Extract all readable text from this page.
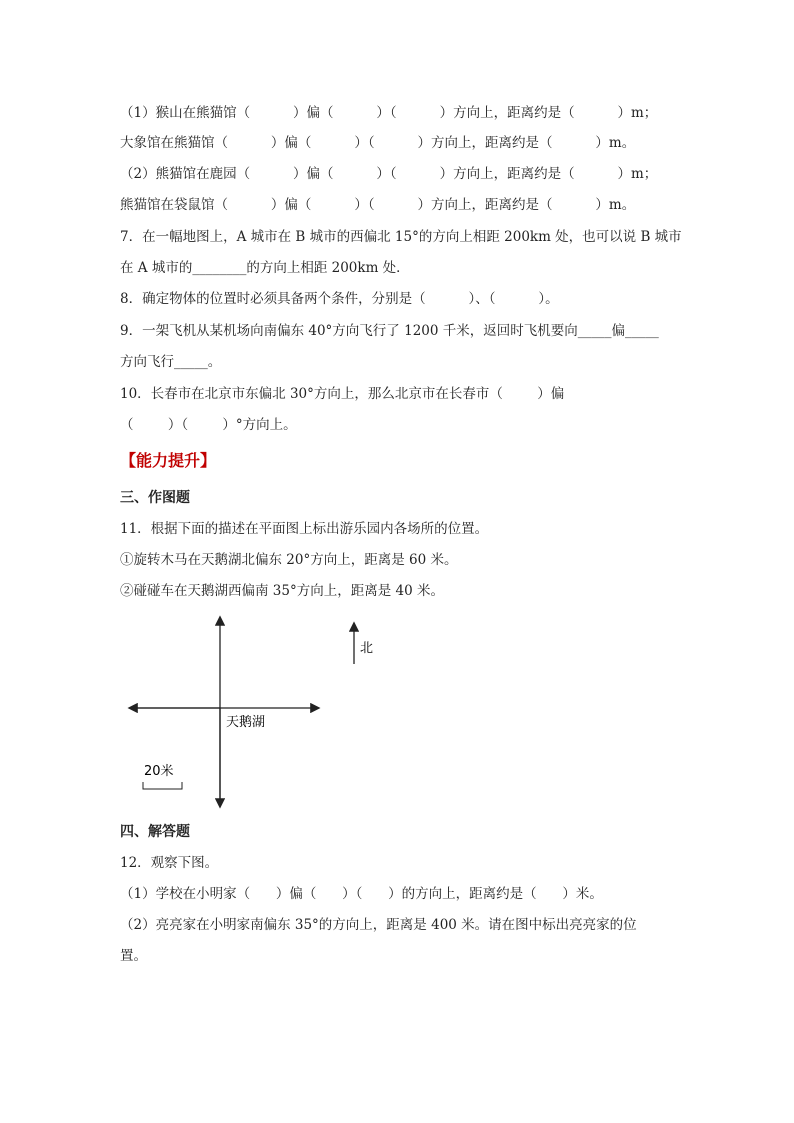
（1）猴山在熊猫馆（          ）偏（          ）（          ）方向上，距离约是（          ）m；
大象馆在熊猫馆（          ）偏（          ）（          ）方向上，距离约是（          ）m。
（2）熊猫馆在鹿园（          ）偏（          ）（          ）方向上，距离约是（          ）m；
熊猫馆在袋鼠馆（          ）偏（          ）（          ）方向上，距离约是（          ）m。
7．在一幅地图上，A 城市在 B 城市的西偏北 15°的方向上相距 200km 处，也可以说 B 城市
在 A 城市的________的方向上相距 200km 处．
8．确定物体的位置时必须具备两个条件，分别是（          ）、（          ）。
9．一架飞机从某机场向南偏东 40°方向飞行了 1200 千米，返回时飞机要向_____偏_____
方向飞行_____。
10．长春市在北京市东偏北 30°方向上，那么北京市在长春市（        ）偏
（        ）（        ）°方向上。
【能力提升】
三、作图题
11．根据下面的描述在平面图上标出游乐园内各场所的位置。
①旋转木马在天鹅湖北偏东 20°方向上，距离是 60 米。
②碰碰车在天鹅湖西偏南 35°方向上，距离是 40 米。
北
天鹅湖
20米
四、解答题
12．观察下图。
（1）学校在小明家（      ）偏（      ）（      ）的方向上，距离约是（      ）米。
（2）亮亮家在小明家南偏东 35°的方向上，距离是 400 米。请在图中标出亮亮家的位
置。
